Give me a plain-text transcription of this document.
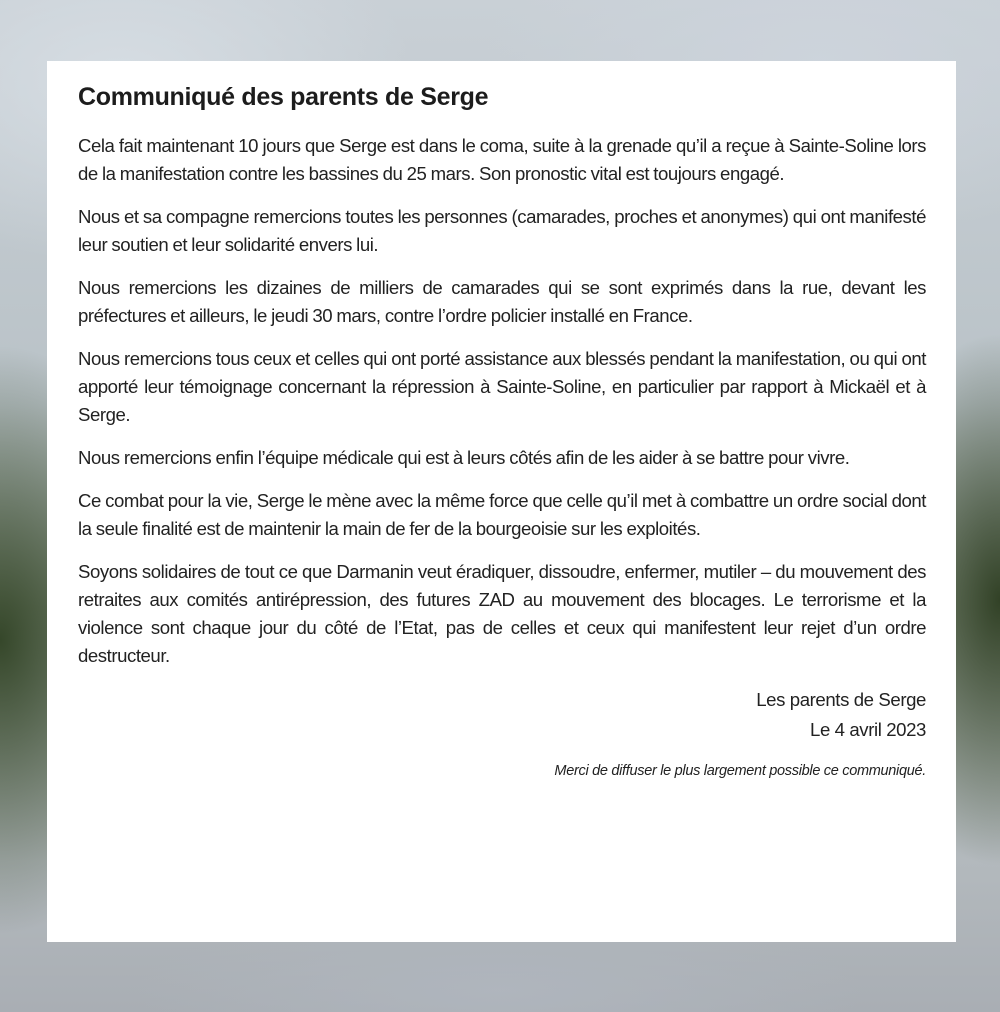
Communiqué des parents de Serge

Cela fait maintenant 10 jours que Serge est dans le coma, suite à la grenade qu’il a reçue à Sainte-Soline lors de la manifestation contre les bassines du 25 mars. Son pronostic vital est toujours engagé.

Nous et sa compagne remercions toutes les personnes (camarades, proches et anonymes) qui ont manifesté leur soutien et leur solidarité envers lui.

Nous remercions les dizaines de milliers de camarades qui se sont exprimés dans la rue, devant les préfectures et ailleurs, le jeudi 30 mars, contre l’ordre policier installé en France.

Nous remercions tous ceux et celles qui ont porté assistance aux blessés pendant la manifestation, ou qui ont apporté leur témoignage concernant la répression à Sainte-Soline, en particulier par rapport à Mickaël et à Serge.

Nous remercions enfin l’équipe médicale qui est à leurs côtés afin de les aider à se battre pour vivre.

Ce combat pour la vie, Serge le mène avec la même force que celle qu’il met à combattre un ordre social dont la seule finalité est de maintenir la main de fer de la bourgeoisie sur les exploités.

Soyons solidaires de tout ce que Darmanin veut éradiquer, dissoudre, enfermer, mutiler – du mouvement des retraites aux comités antirépression, des futures ZAD au mouvement des blocages. Le terrorisme et la violence sont chaque jour du côté de l’Etat, pas de celles et ceux qui manifestent leur rejet d’un ordre destructeur.

Les parents de Serge
Le 4 avril 2023
Merci de diffuser le plus largement possible ce communiqué.
